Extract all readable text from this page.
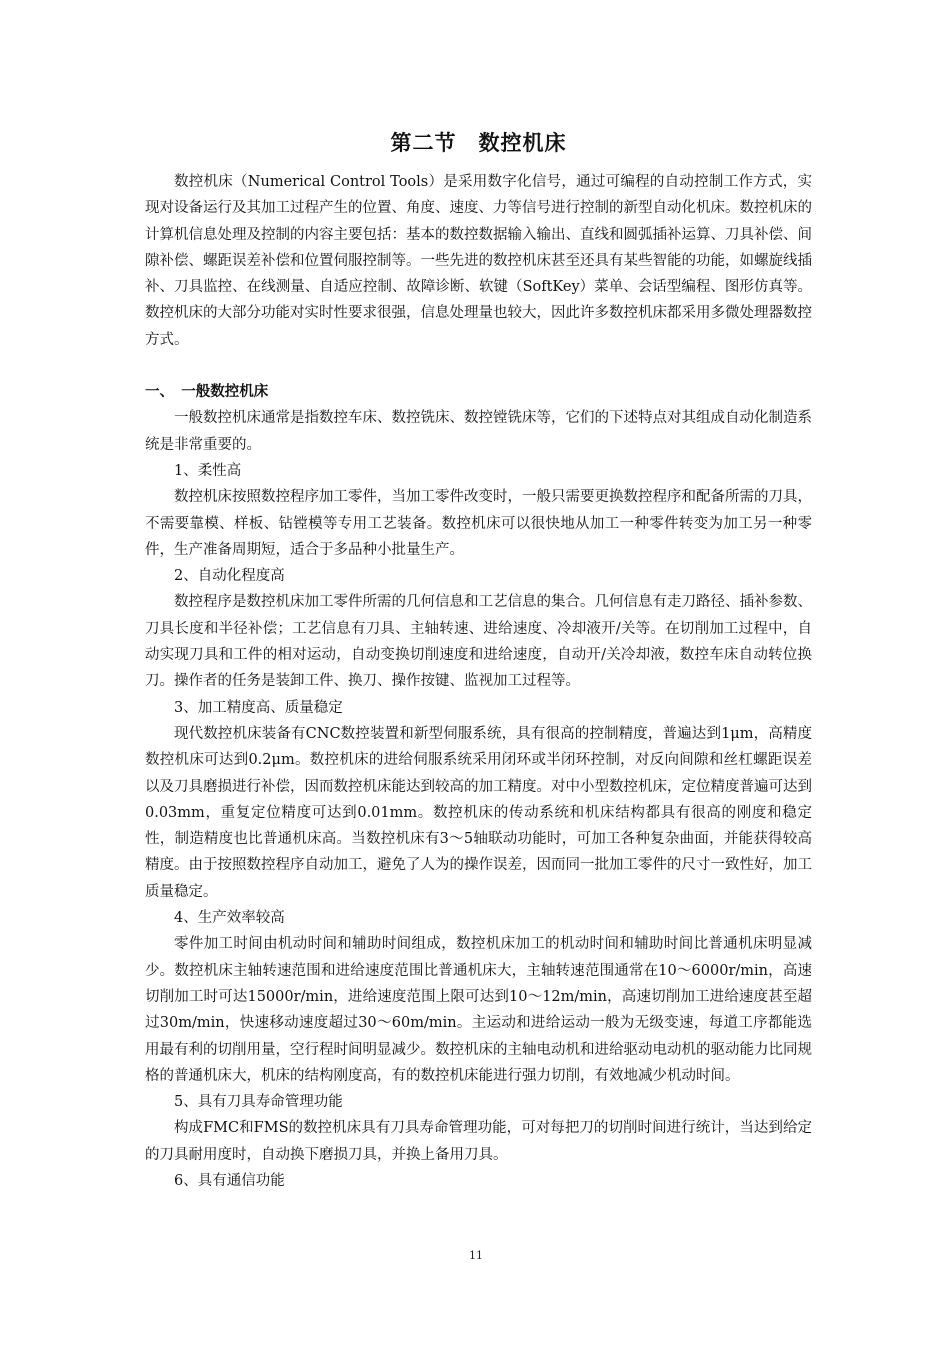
第二节　数控机床

数控机床（Numerical Control Tools）是采用数字化信号，通过可编程的自动控制工作方式，实现对设备运行及其加工过程产生的位置、角度、速度、力等信号进行控制的新型自动化机床。数控机床的计算机信息处理及控制的内容主要包括：基本的数控数据输入输出、直线和圆弧插补运算、刀具补偿、间隙补偿、螺距误差补偿和位置伺服控制等。一些先进的数控机床甚至还具有某些智能的功能，如螺旋线插补、刀具监控、在线测量、自适应控制、故障诊断、软键（SoftKey）菜单、会话型编程、图形仿真等。数控机床的大部分功能对实时性要求很强，信息处理量也较大，因此许多数控机床都采用多微处理器数控方式。

一、　一般数控机床

一般数控机床通常是指数控车床、数控铣床、数控镗铣床等，它们的下述特点对其组成自动化制造系统是非常重要的。

1、柔性高

数控机床按照数控程序加工零件，当加工零件改变时，一般只需要更换数控程序和配备所需的刀具，不需要靠模、样板、钻镗模等专用工艺装备。数控机床可以很快地从加工一种零件转变为加工另一种零件，生产准备周期短，适合于多品种小批量生产。

2、自动化程度高

数控程序是数控机床加工零件所需的几何信息和工艺信息的集合。几何信息有走刀路径、插补参数、刀具长度和半径补偿；工艺信息有刀具、主轴转速、进给速度、冷却液开/关等。在切削加工过程中，自动实现刀具和工件的相对运动，自动变换切削速度和进给速度，自动开/关冷却液，数控车床自动转位换刀。操作者的任务是装卸工件、换刀、操作按键、监视加工过程等。

3、加工精度高、质量稳定

现代数控机床装备有CNC数控装置和新型伺服系统，具有很高的控制精度，普遍达到1μm，高精度数控机床可达到0.2μm。数控机床的进给伺服系统采用闭环或半闭环控制，对反向间隙和丝杠螺距误差以及刀具磨损进行补偿，因而数控机床能达到较高的加工精度。对中小型数控机床，定位精度普遍可达到0.03mm，重复定位精度可达到0.01mm。数控机床的传动系统和机床结构都具有很高的刚度和稳定性，制造精度也比普通机床高。当数控机床有3～5轴联动功能时，可加工各种复杂曲面，并能获得较高精度。由于按照数控程序自动加工，避免了人为的操作误差，因而同一批加工零件的尺寸一致性好，加工质量稳定。

4、生产效率较高

零件加工时间由机动时间和辅助时间组成，数控机床加工的机动时间和辅助时间比普通机床明显减少。数控机床主轴转速范围和进给速度范围比普通机床大，主轴转速范围通常在10～6000r/min，高速切削加工时可达15000r/min，进给速度范围上限可达到10～12m/min，高速切削加工进给速度甚至超过30m/min，快速移动速度超过30～60m/min。主运动和进给运动一般为无级变速，每道工序都能选用最有利的切削用量，空行程时间明显减少。数控机床的主轴电动机和进给驱动电动机的驱动能力比同规格的普通机床大，机床的结构刚度高，有的数控机床能进行强力切削，有效地减少机动时间。

5、具有刀具寿命管理功能

构成FMC和FMS的数控机床具有刀具寿命管理功能，可对每把刀的切削时间进行统计，当达到给定的刀具耐用度时，自动换下磨损刀具，并换上备用刀具。

6、具有通信功能
11
